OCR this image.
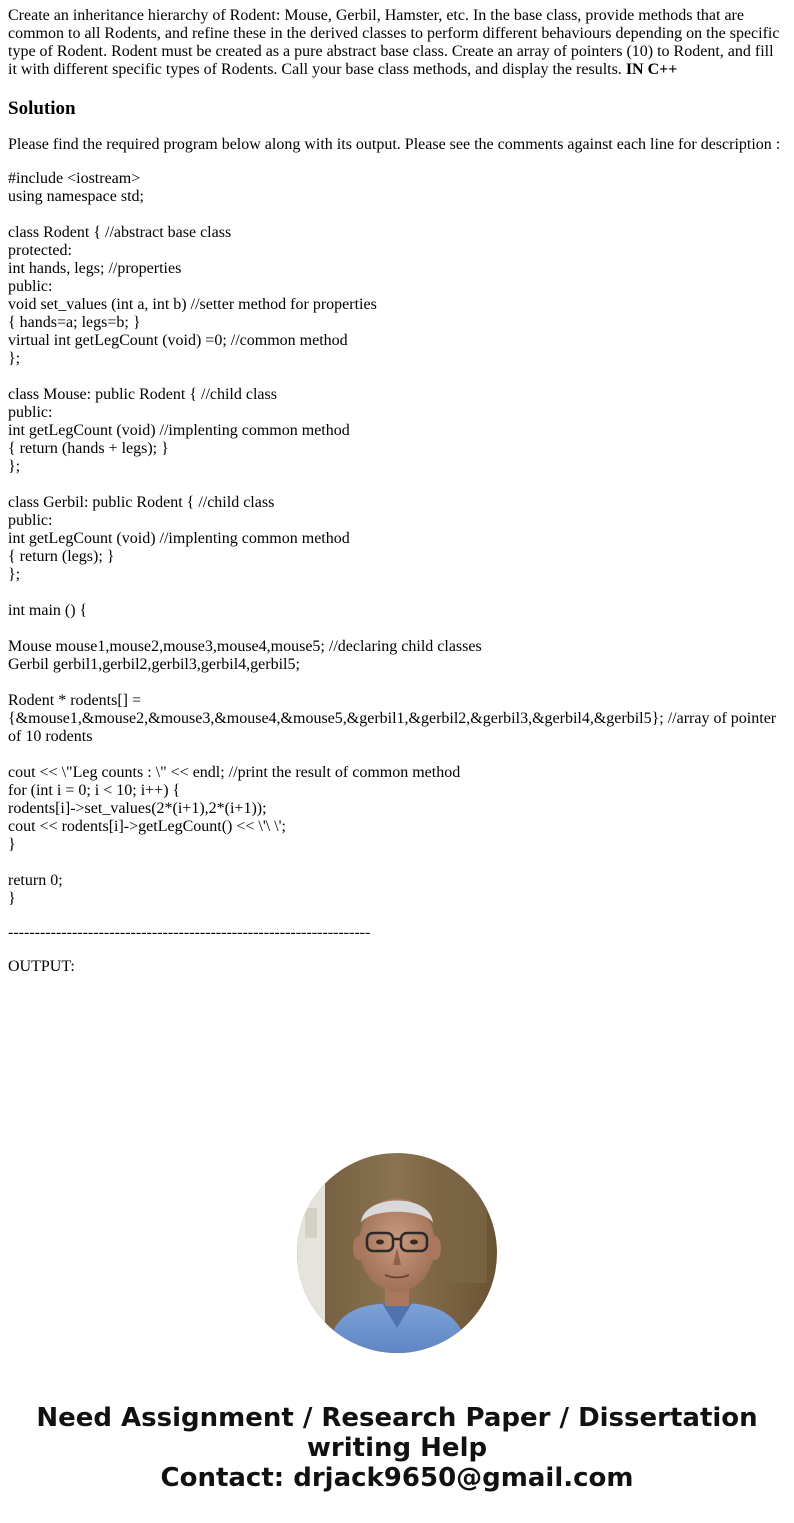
Create an inheritance hierarchy of Rodent: Mouse, Gerbil, Hamster, etc. In the base class, provide methods that are common to all Rodents, and refine these in the derived classes to perform different behaviours depending on the specific type of Rodent. Rodent must be created as a pure abstract base class. Create an array of pointers (10) to Rodent, and fill it with different specific types of Rodents. Call your base class methods, and display the results. IN C++

Solution

Please find the required program below along with its output. Please see the comments against each line for description :

#include <iostream>
using namespace std;
class Rodent { //abstract base class
protected:
int hands, legs; //properties
public:
void set_values (int a, int b) //setter method for properties
{ hands=a; legs=b; }
virtual int getLegCount (void) =0; //common method
};
class Mouse: public Rodent { //child class
public:
int getLegCount (void) //implenting common method
{ return (hands + legs); }
};
class Gerbil: public Rodent { //child class
public:
int getLegCount (void) //implenting common method
{ return (legs); }
};
int main () {
Mouse mouse1,mouse2,mouse3,mouse4,mouse5; //declaring child classes
Gerbil gerbil1,gerbil2,gerbil3,gerbil4,gerbil5;
Rodent * rodents[] =
{&mouse1,&mouse2,&mouse3,&mouse4,&mouse5,&gerbil1,&gerbil2,&gerbil3,&gerbil4,&gerbil5}; //array of pointer of 10 rodents
cout << \"Leg counts : \" << endl; //print the result of common method
for (int i = 0; i < 10; i++) {
rodents[i]->set_values(2*(i+1),2*(i+1));
cout << rodents[i]->getLegCount() << \'\ \';
}
return 0;
}
--------------------------------------------------------------------
OUTPUT:
Need Assignment / Research Paper / Dissertation
writing Help
Contact: drjack9650@gmail.com
